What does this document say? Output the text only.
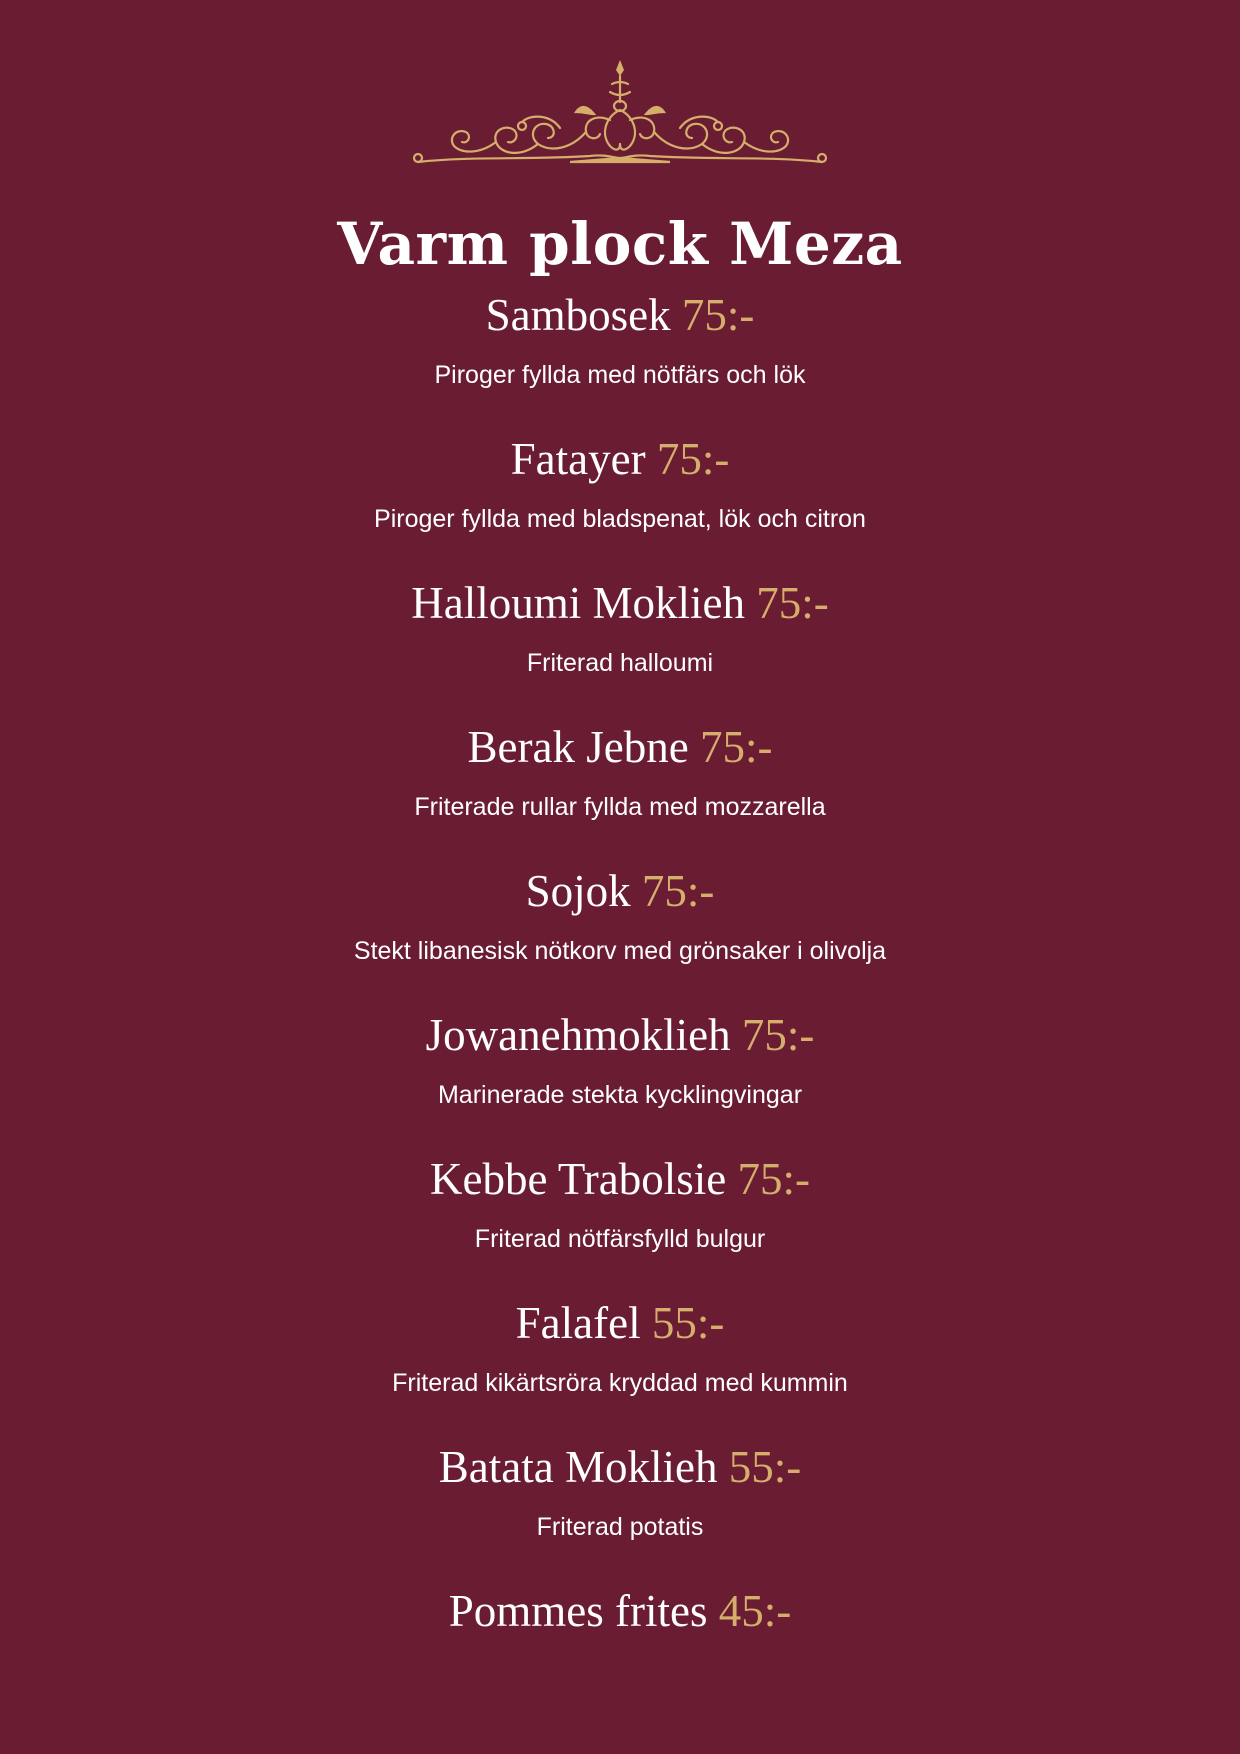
Varm plock Meza

Sambosek 75:-

Piroger fyllda med nötfärs och lök

Fatayer 75:-

Piroger fyllda med bladspenat, lök och citron

Halloumi Moklieh 75:-

Friterad halloumi

Berak Jebne 75:-

Friterade rullar fyllda med mozzarella

Sojok 75:-

Stekt libanesisk nötkorv med grönsaker i olivolja

Jowanehmoklieh 75:-

Marinerade stekta kycklingvingar

Kebbe Trabolsie 75:-

Friterad nötfärsfylld bulgur

Falafel 55:-

Friterad kikärtsröra kryddad med kummin

Batata Moklieh 55:-

Friterad potatis

Pommes frites 45:-
